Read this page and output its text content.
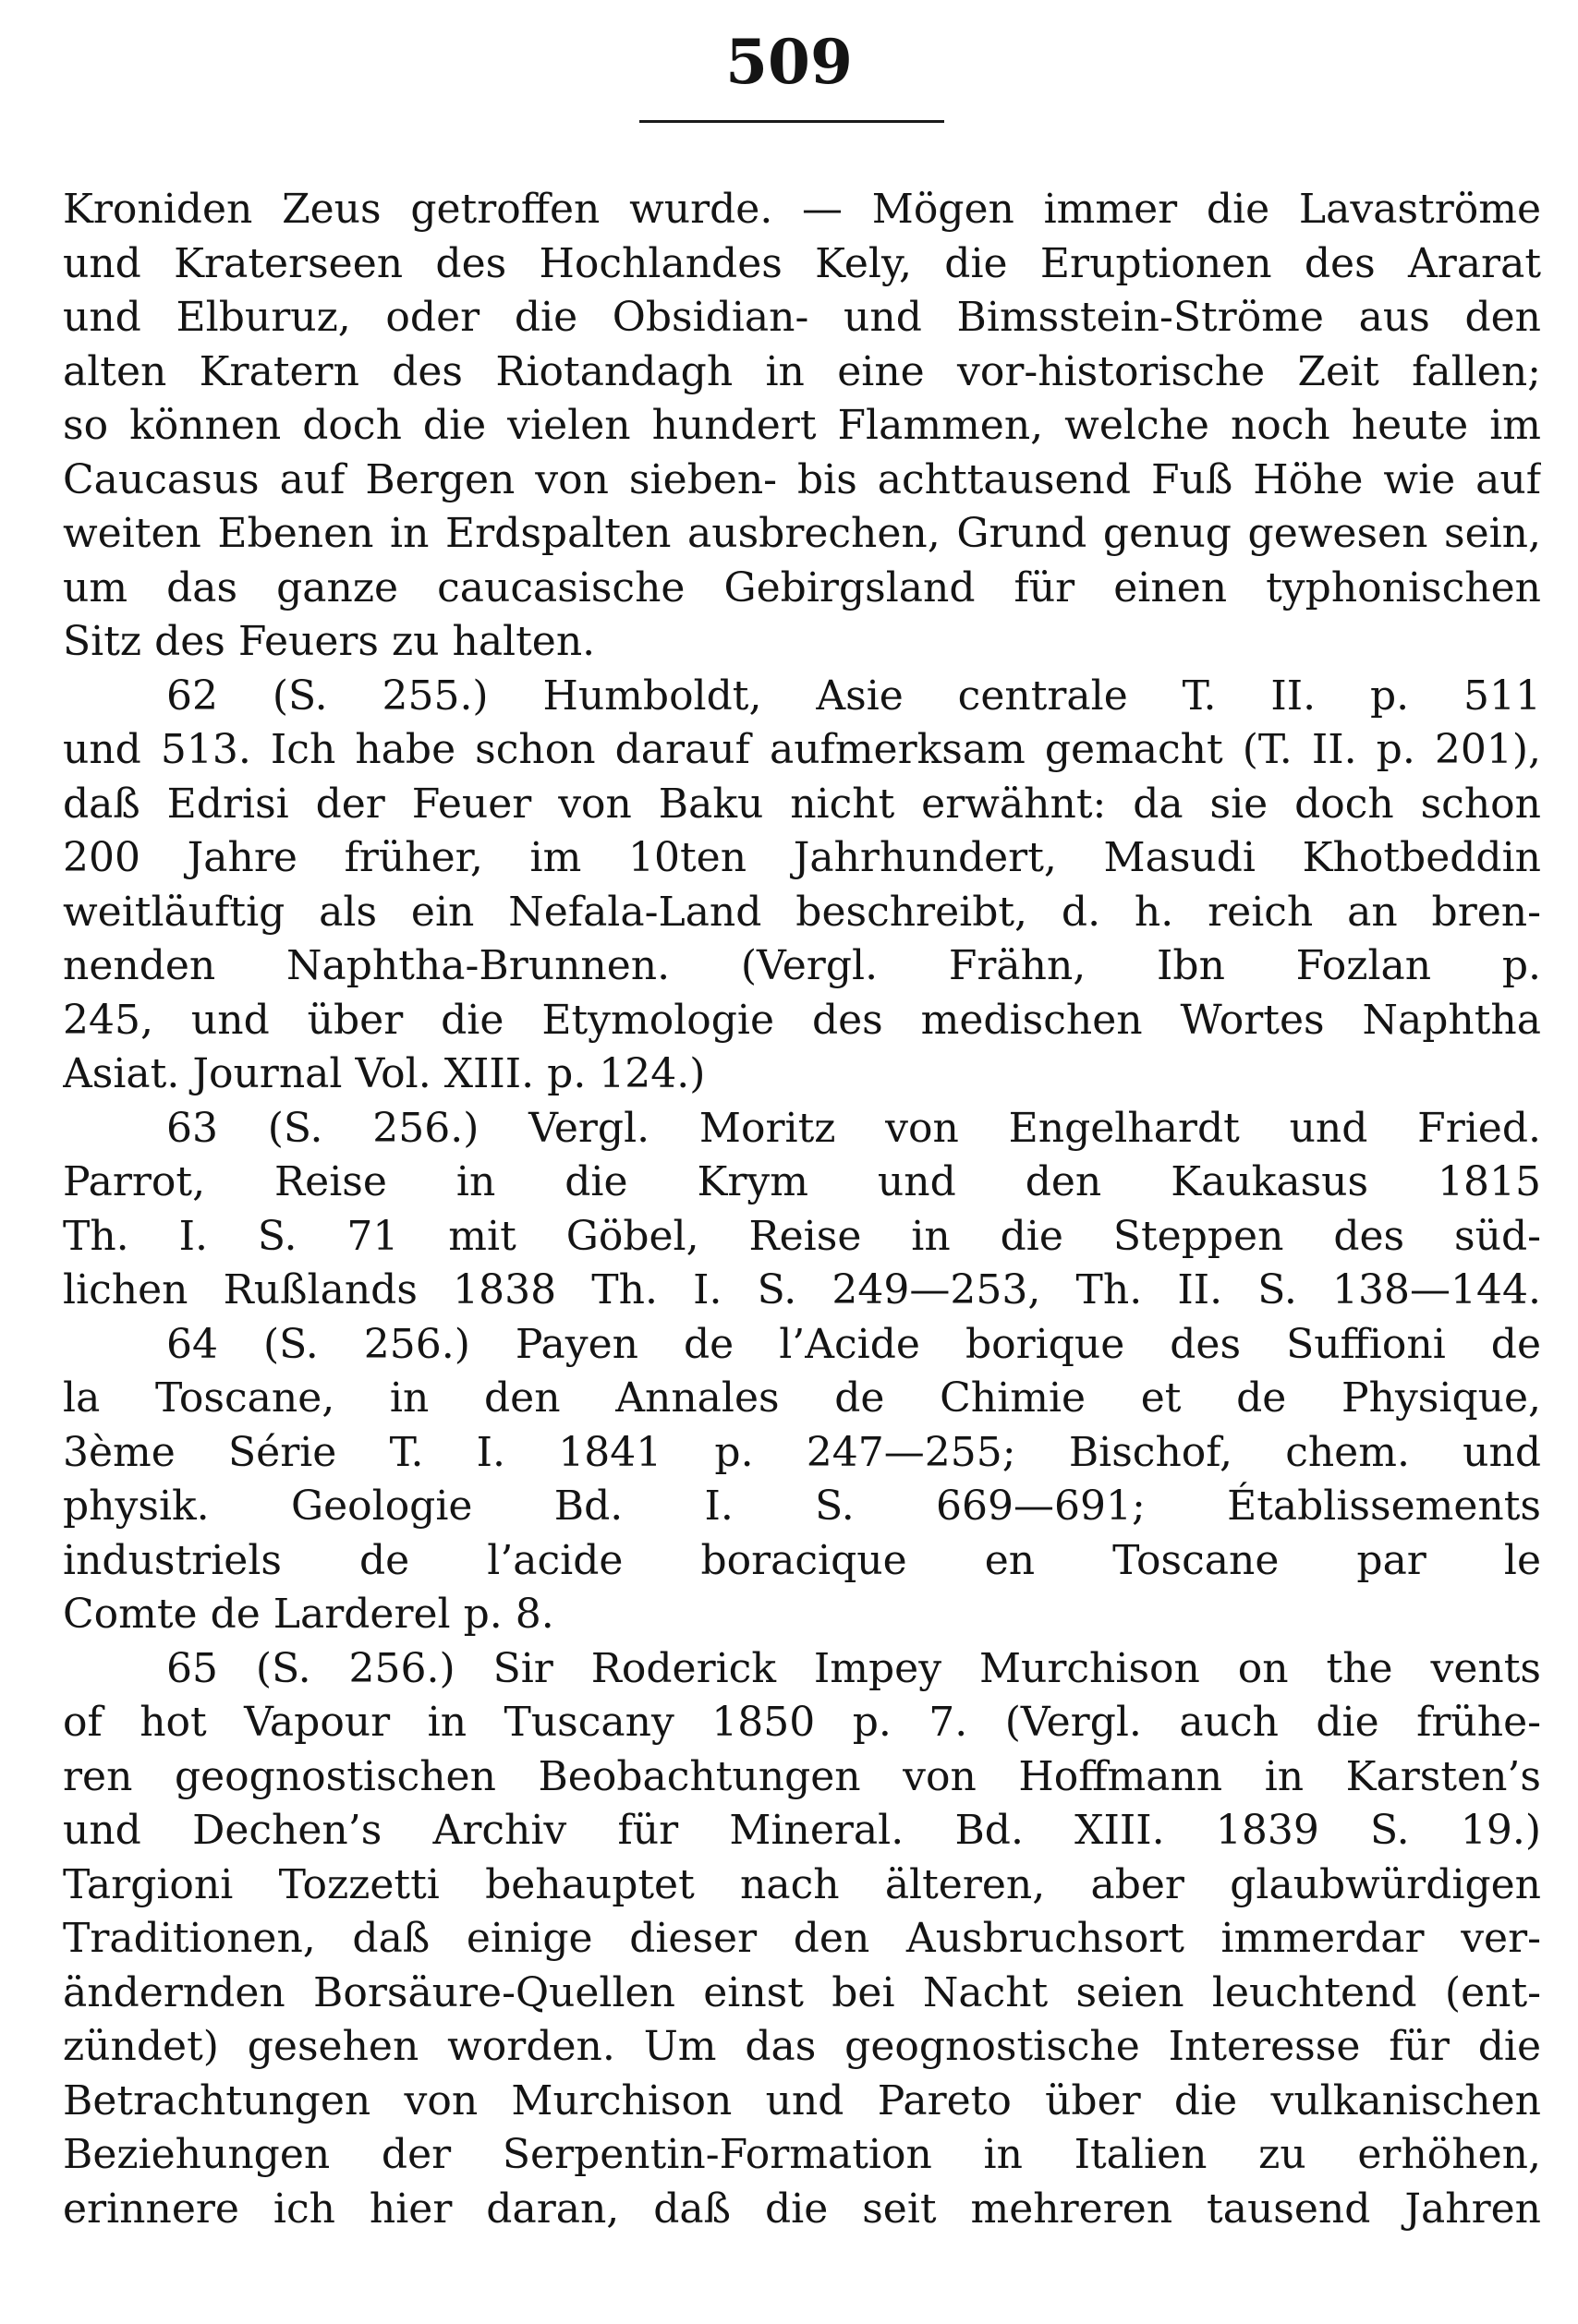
509
Kroniden Zeus getroffen wurde. — Mögen immer die Lavaströme
und Kraterseen des Hochlandes Kely, die Eruptionen des Ararat
und Elburuz, oder die Obsidian- und Bimsstein-Ströme aus den
alten Kratern des Riotandagh in eine vor-historische Zeit fallen;
so können doch die vielen hundert Flammen, welche noch heute im
Caucasus auf Bergen von sieben- bis achttausend Fuß Höhe wie auf
weiten Ebenen in Erdspalten ausbrechen, Grund genug gewesen sein,
um das ganze caucasische Gebirgsland für einen typhonischen
Sitz des Feuers zu halten.
62 (S. 255.) Humboldt, Asie centrale T. II. p. 511
und 513. Ich habe schon darauf aufmerksam gemacht (T. II. p. 201),
daß Edrisi der Feuer von Baku nicht erwähnt: da sie doch schon
200 Jahre früher, im 10ten Jahrhundert, Masudi Khotbeddin
weitläuftig als ein Nefala-Land beschreibt, d. h. reich an bren-
nenden Naphtha-Brunnen. (Vergl. Frähn, Ibn Fozlan p.
245, und über die Etymologie des medischen Wortes Naphtha
Asiat. Journal Vol. XIII. p. 124.)
63 (S. 256.) Vergl. Moritz von Engelhardt und Fried.
Parrot, Reise in die Krym und den Kaukasus 1815
Th. I. S. 71 mit Göbel, Reise in die Steppen des süd-
lichen Rußlands 1838 Th. I. S. 249—253, Th. II. S. 138—144.
64 (S. 256.) Payen de l’Acide borique des Suffioni de
la Toscane, in den Annales de Chimie et de Physique,
3ème Série T. I. 1841 p. 247—255; Bischof, chem. und
physik. Geologie Bd. I. S. 669—691; Établissements
industriels de l’acide boracique en Toscane par le
Comte de Larderel p. 8.
65 (S. 256.) Sir Roderick Impey Murchison on the vents
of hot Vapour in Tuscany 1850 p. 7. (Vergl. auch die frühe-
ren geognostischen Beobachtungen von Hoffmann in Karsten’s
und Dechen’s Archiv für Mineral. Bd. XIII. 1839 S. 19.)
Targioni Tozzetti behauptet nach älteren, aber glaubwürdigen
Traditionen, daß einige dieser den Ausbruchsort immerdar ver-
ändernden Borsäure-Quellen einst bei Nacht seien leuchtend (ent-
zündet) gesehen worden. Um das geognostische Interesse für die
Betrachtungen von Murchison und Pareto über die vulkanischen
Beziehungen der Serpentin-Formation in Italien zu erhöhen,
erinnere ich hier daran, daß die seit mehreren tausend Jahren
